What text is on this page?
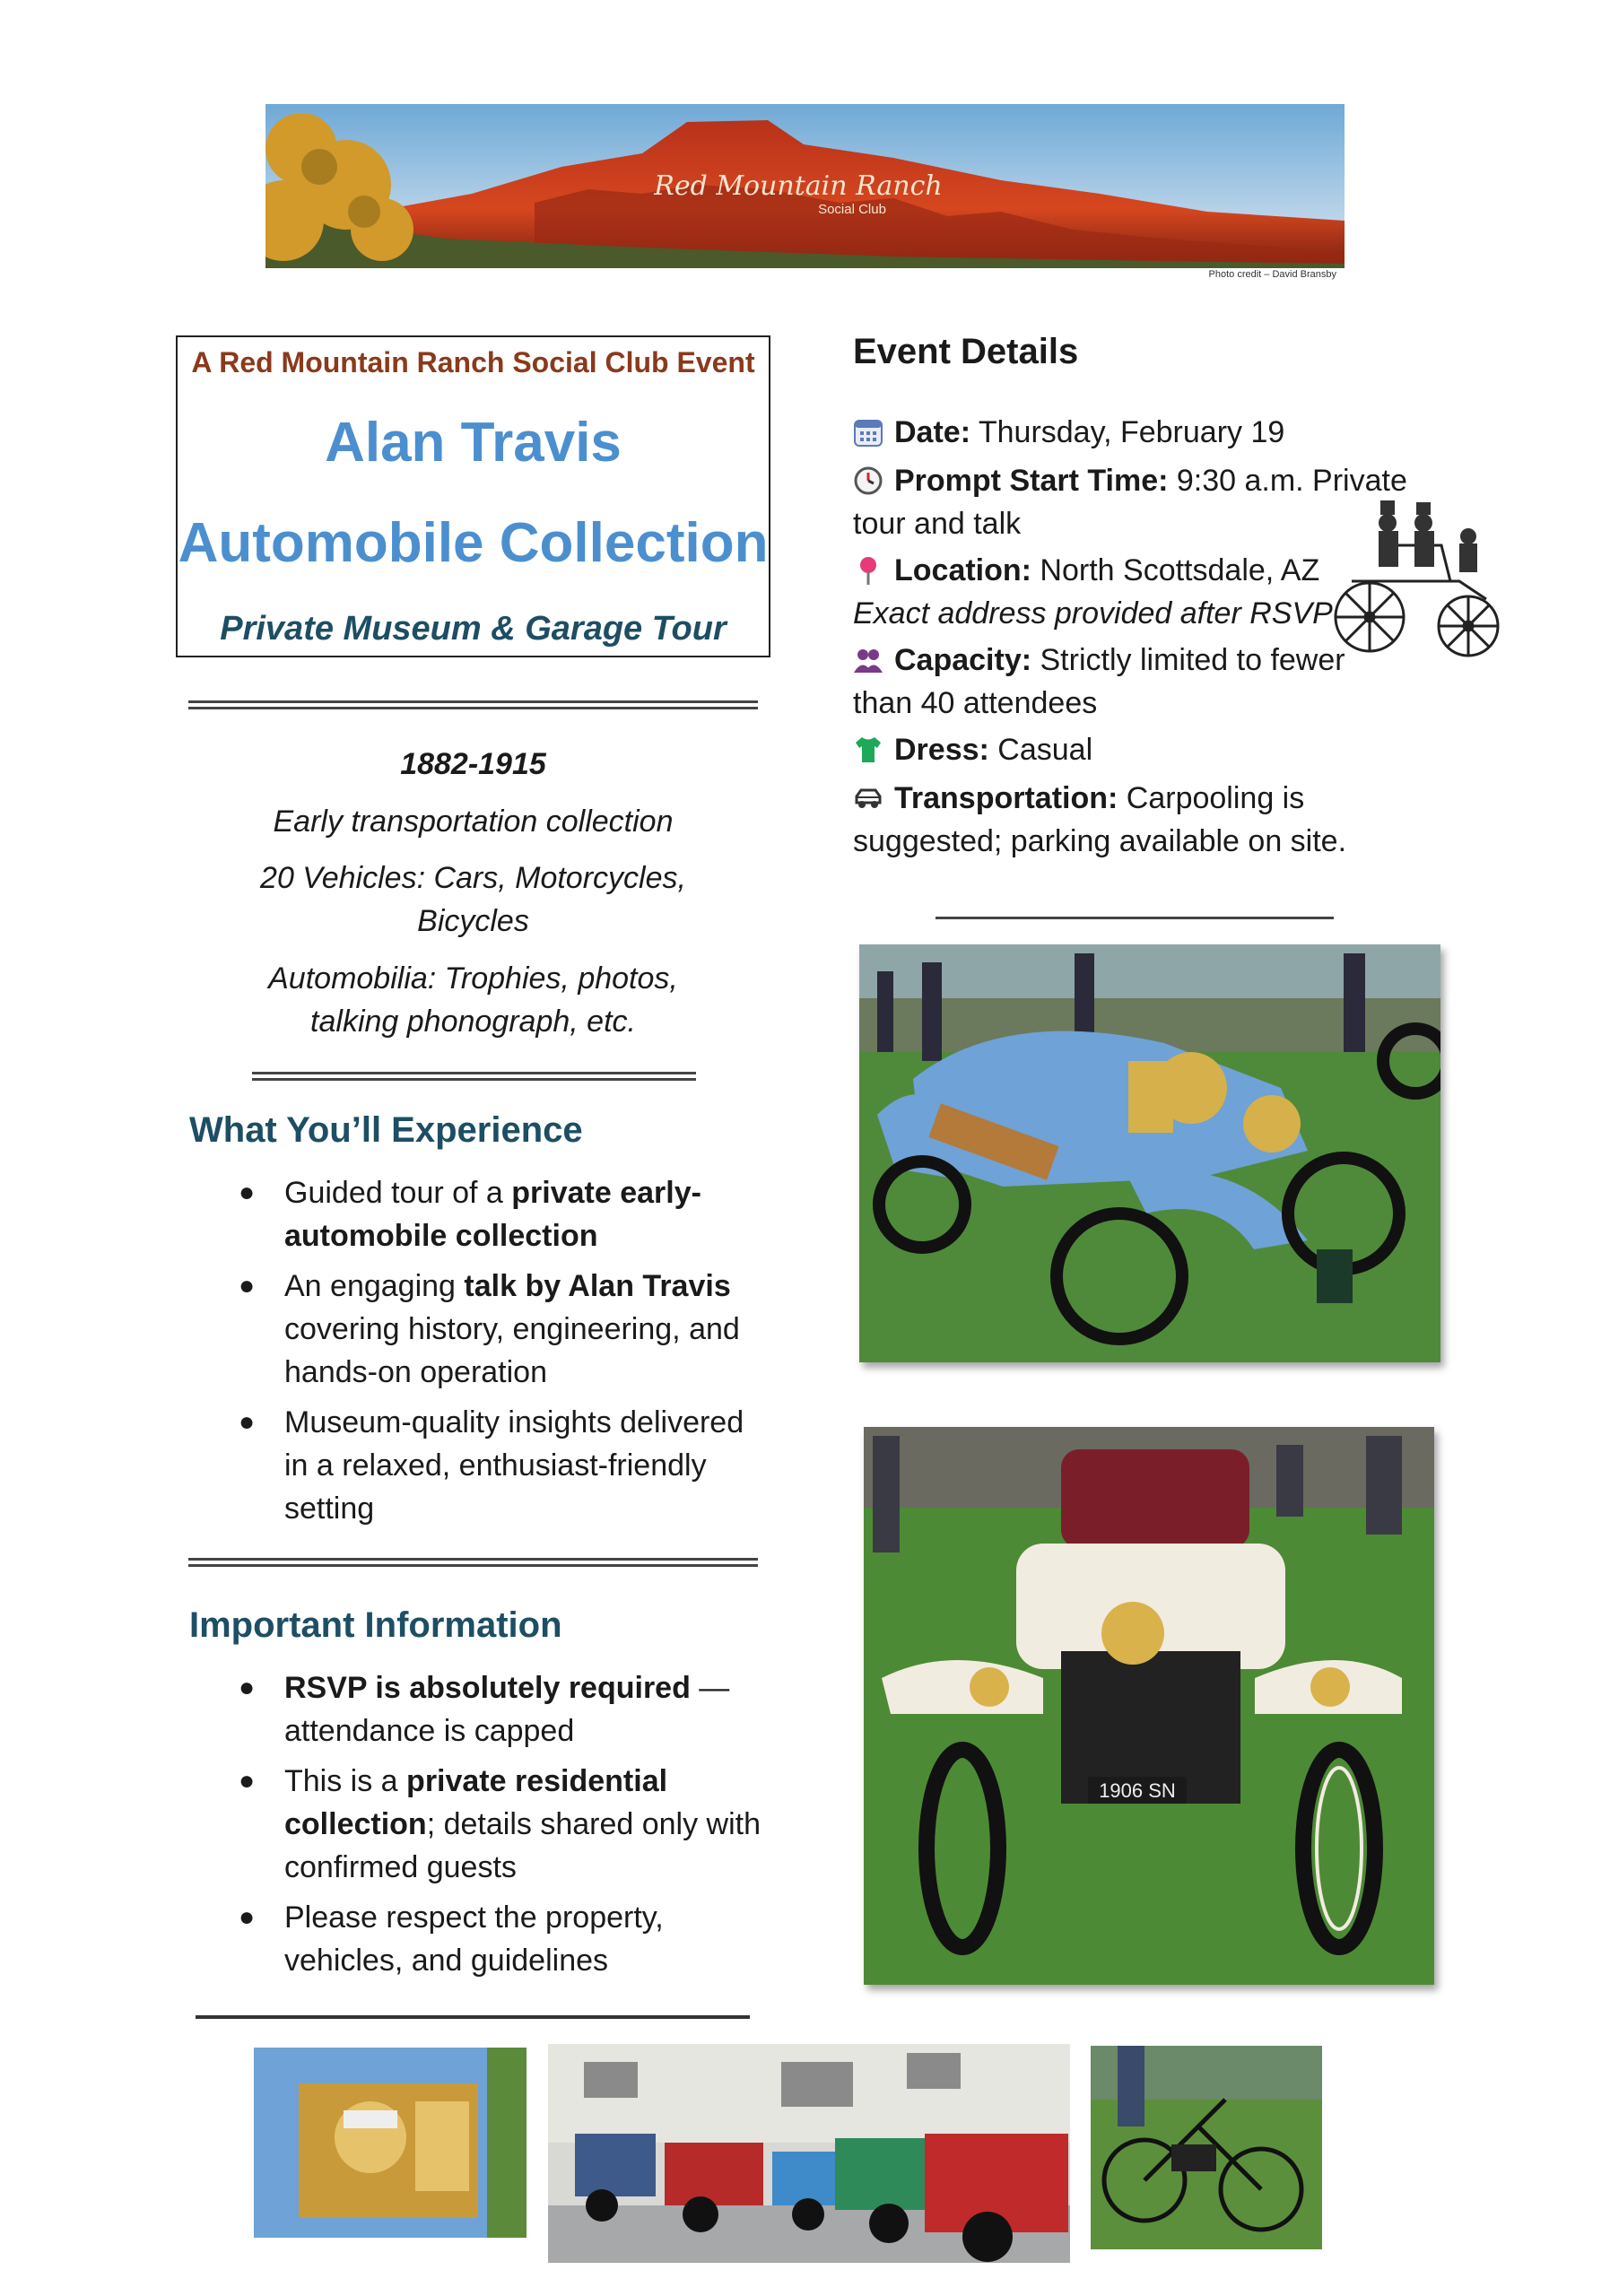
Red Mountain Ranch
Social Club
Photo credit – David Bransby
A Red Mountain Ranch Social Club Event
Alan Travis
Automobile Collection
Private Museum & Garage Tour
1882-1915
Early transportation collection
20 Vehicles: Cars, Motorcycles,
Bicycles
Automobilia: Trophies, photos,
talking phonograph, etc.
What You’ll Experience
● Guided tour of a private early-automobile collection
● An engaging talk by Alan Travis covering history, engineering, and hands-on operation
● Museum-quality insights delivered in a relaxed, enthusiast-friendly setting
Important Information
● RSVP is absolutely required — attendance is capped
● This is a private residential collection; details shared only with confirmed guests
● Please respect the property, vehicles, and guidelines
Event Details
Date: Thursday, February 19
Prompt Start Time: 9:30 a.m. Private
tour and talk
Location: North Scottsdale, AZ
Exact address provided after RSVP
Capacity: Strictly limited to fewer
than 40 attendees
Dress: Casual
Transportation: Carpooling is
suggested; parking available on site.
1906 SN
